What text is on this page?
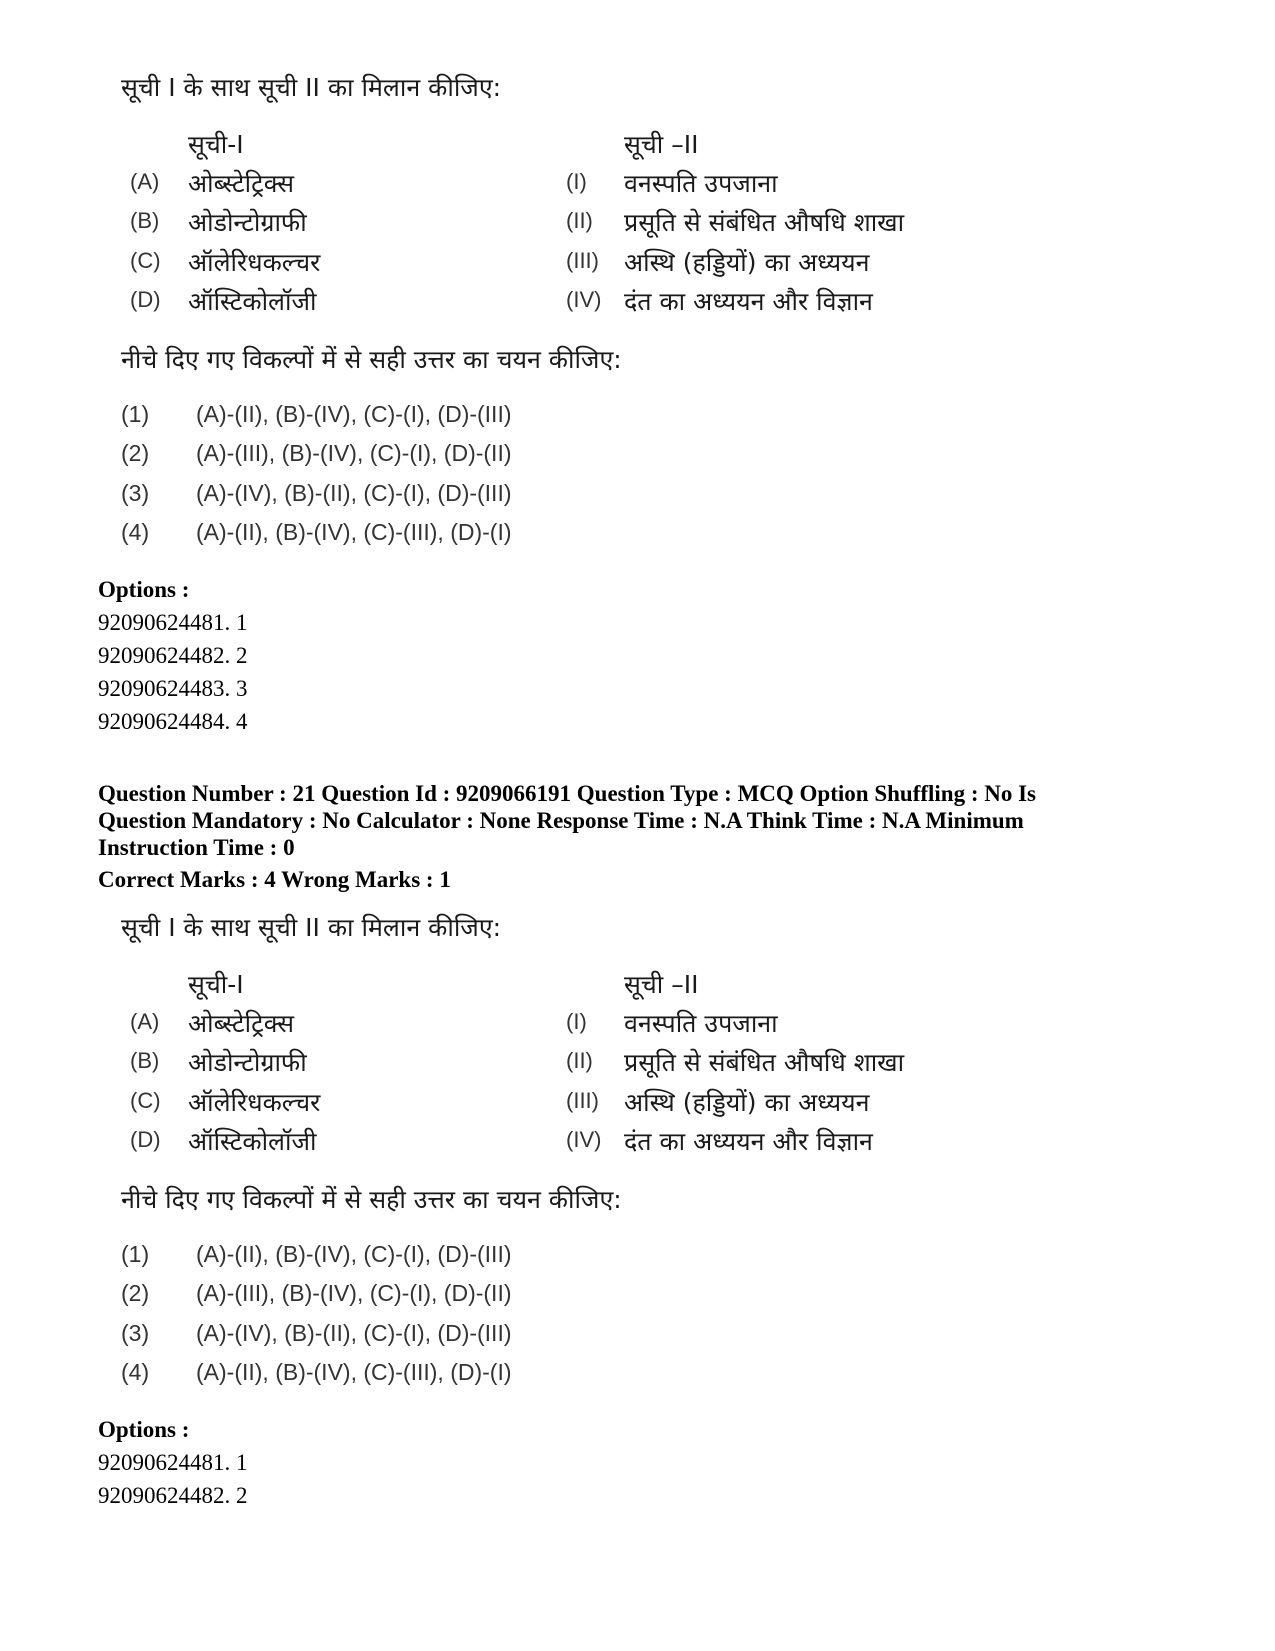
सूची I के साथ सूची II का मिलान कीजिए:
सूची-I	सूची –II
(A) ओब्स्टेट्रिक्स	(I) वनस्पति उपजाना
(B) ओडोन्टोग्राफी	(II) प्रसूति से संबंधित औषधि शाखा
(C) ऑलेरिधकल्चर	(III) अस्थि (हड्डियों) का अध्ययन
(D) ऑस्टिकोलॉजी	(IV) दंत का अध्ययन और विज्ञान
नीचे दिए गए विकल्पों में से सही उत्तर का चयन कीजिए:
(1) (A)-(II), (B)-(IV), (C)-(I), (D)-(III)
(2) (A)-(III), (B)-(IV), (C)-(I), (D)-(II)
(3) (A)-(IV), (B)-(II), (C)-(I), (D)-(III)
(4) (A)-(II), (B)-(IV), (C)-(III), (D)-(I)
Options :
92090624481. 1
92090624482. 2
92090624483. 3
92090624484. 4
Question Number : 21 Question Id : 9209066191 Question Type : MCQ Option Shuffling : No Is
Question Mandatory : No Calculator : None Response Time : N.A Think Time : N.A Minimum
Instruction Time : 0
Correct Marks : 4 Wrong Marks : 1
सूची I के साथ सूची II का मिलान कीजिए:
सूची-I	सूची –II
(A) ओब्स्टेट्रिक्स	(I) वनस्पति उपजाना
(B) ओडोन्टोग्राफी	(II) प्रसूति से संबंधित औषधि शाखा
(C) ऑलेरिधकल्चर	(III) अस्थि (हड्डियों) का अध्ययन
(D) ऑस्टिकोलॉजी	(IV) दंत का अध्ययन और विज्ञान
नीचे दिए गए विकल्पों में से सही उत्तर का चयन कीजिए:
(1) (A)-(II), (B)-(IV), (C)-(I), (D)-(III)
(2) (A)-(III), (B)-(IV), (C)-(I), (D)-(II)
(3) (A)-(IV), (B)-(II), (C)-(I), (D)-(III)
(4) (A)-(II), (B)-(IV), (C)-(III), (D)-(I)
Options :
92090624481. 1
92090624482. 2
